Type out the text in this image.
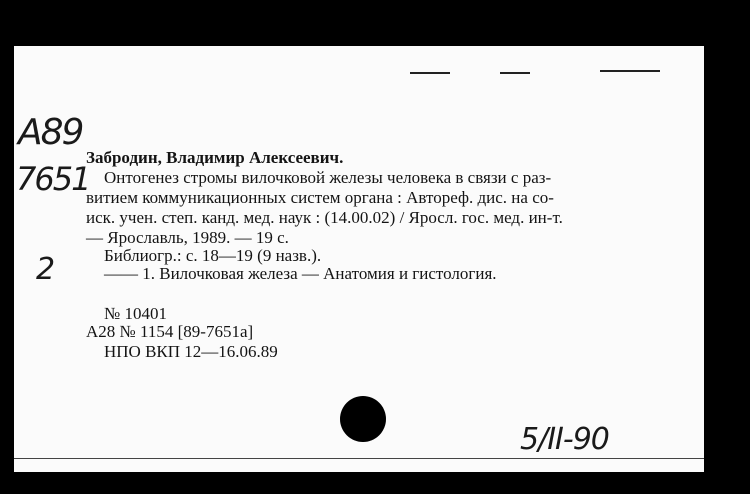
A89
7651
2
5/II-90
Забродин, Владимир Алексеевич.
Онтогенез стромы вилочковой железы человека в связи с раз-
витием коммуникационных систем органа : Автореф. дис. на со-
иск. учен. степ. канд. мед. наук : (14.00.02) / Яросл. гос. мед. ин-т.
— Ярославль, 1989. — 19 с.
Библиогр.: с. 18—19 (9 назв.).
—— 1. Вилочковая железа — Анатомия и гистология.
№ 10401
А28 № 1154 [89-7651а]
НПО ВКП 12—16.06.89
